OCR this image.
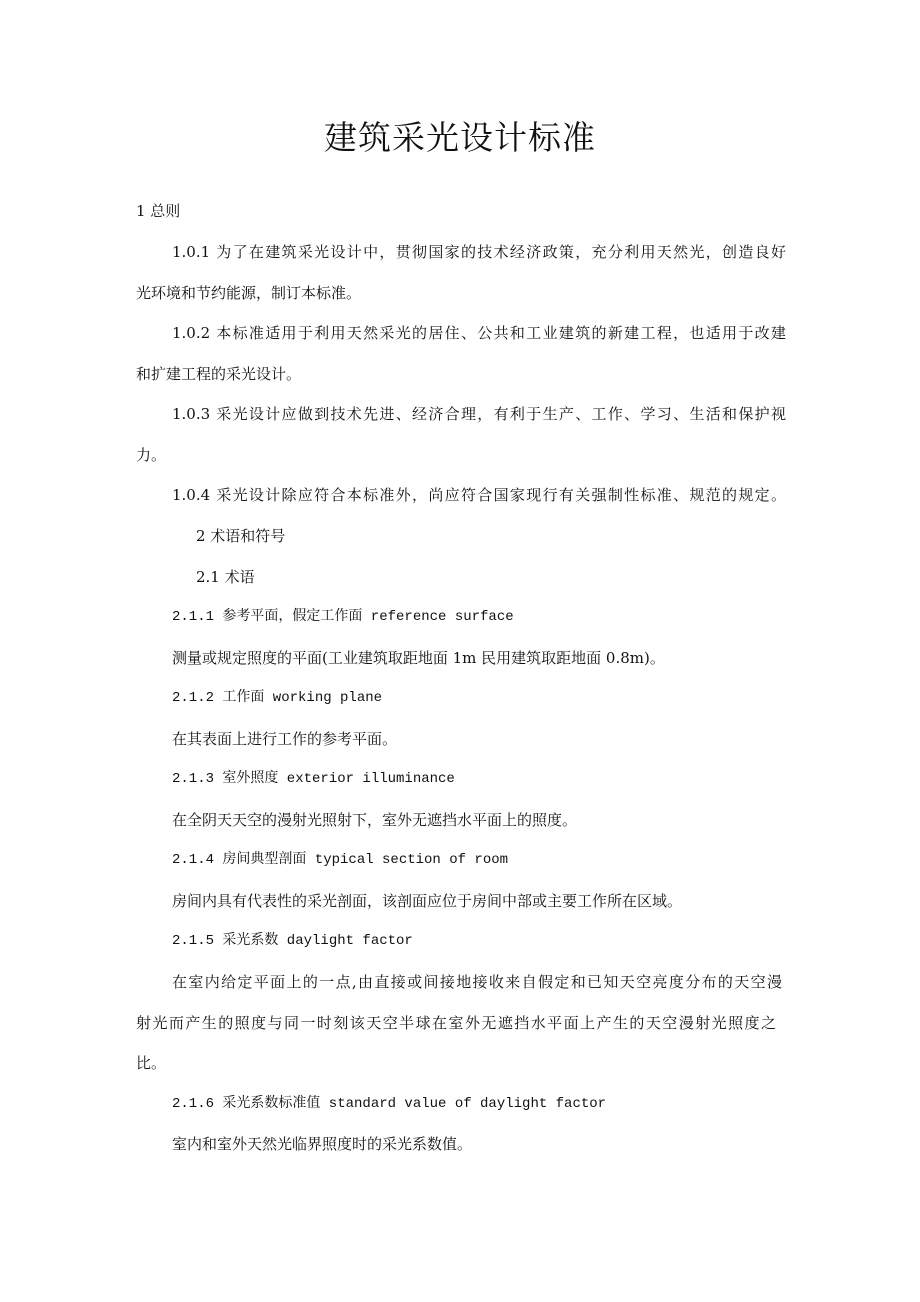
建筑采光设计标准
1 总则
1.0.1 为了在建筑采光设计中，贯彻国家的技术经济政策，充分利用天然光，创造良好
光环境和节约能源，制订本标准。
1.0.2 本标准适用于利用天然采光的居住、公共和工业建筑的新建工程，也适用于改建
和扩建工程的采光设计。
1.0.3 采光设计应做到技术先进、经济合理，有利于生产、工作、学习、生活和保护视
力。
1.0.4 采光设计除应符合本标准外，尚应符合国家现行有关强制性标准、规范的规定。
2 术语和符号
2.1 术语
2.1.1 参考平面，假定工作面 reference surface
测量或规定照度的平面(工业建筑取距地面 1m 民用建筑取距地面 0.8m)。
2.1.2 工作面 working plane
在其表面上进行工作的参考平面。
2.1.3 室外照度 exterior illuminance
在全阴天天空的漫射光照射下，室外无遮挡水平面上的照度。
2.1.4 房间典型剖面 typical section of room
房间内具有代表性的采光剖面，该剖面应位于房间中部或主要工作所在区域。
2.1.5 采光系数 daylight factor
在室内给定平面上的一点,由直接或间接地接收来自假定和已知天空亮度分布的天空漫
射光而产生的照度与同一时刻该天空半球在室外无遮挡水平面上产生的天空漫射光照度之
比。
2.1.6 采光系数标准值 standard value of daylight factor
室内和室外天然光临界照度时的采光系数值。
